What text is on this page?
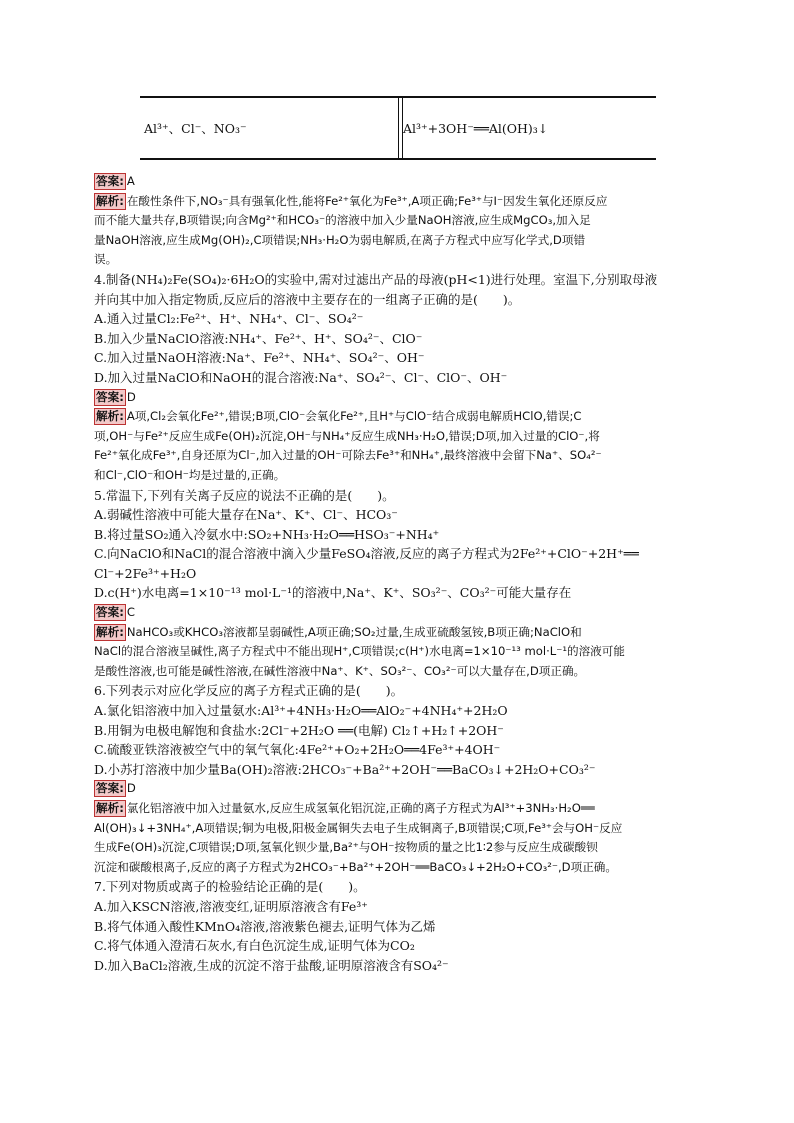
Al³⁺、Cl⁻、NO₃⁻	Al³⁺+3OH⁻══Al(OH)₃↓
答案: A
解析: 在酸性条件下,NO₃⁻具有强氧化性,能将Fe²⁺氧化为Fe³⁺,A项正确;Fe³⁺与I⁻因发生氧化还原反应
而不能大量共存,B项错误;向含Mg²⁺和HCO₃⁻的溶液中加入少量NaOH溶液,应生成MgCO₃,加入足
量NaOH溶液,应生成Mg(OH)₂,C项错误;NH₃·H₂O为弱电解质,在离子方程式中应写化学式,D项错
误。
4.制备(NH₄)₂Fe(SO₄)₂·6H₂O的实验中,需对过滤出产品的母液(pH<1)进行处理。室温下,分别取母液
并向其中加入指定物质,反应后的溶液中主要存在的一组离子正确的是(　　)。
A.通入过量Cl₂:Fe²⁺、H⁺、NH₄⁺、Cl⁻、SO₄²⁻
B.加入少量NaClO溶液:NH₄⁺、Fe²⁺、H⁺、SO₄²⁻、ClO⁻
C.加入过量NaOH溶液:Na⁺、Fe²⁺、NH₄⁺、SO₄²⁻、OH⁻
D.加入过量NaClO和NaOH的混合溶液:Na⁺、SO₄²⁻、Cl⁻、ClO⁻、OH⁻
答案: D
解析: A项,Cl₂会氧化Fe²⁺,错误;B项,ClO⁻会氧化Fe²⁺,且H⁺与ClO⁻结合成弱电解质HClO,错误;C
项,OH⁻与Fe²⁺反应生成Fe(OH)₂沉淀,OH⁻与NH₄⁺反应生成NH₃·H₂O,错误;D项,加入过量的ClO⁻,将
Fe²⁺氧化成Fe³⁺,自身还原为Cl⁻,加入过量的OH⁻可除去Fe³⁺和NH₄⁺,最终溶液中会留下Na⁺、SO₄²⁻
和Cl⁻,ClO⁻和OH⁻均是过量的,正确。
5.常温下,下列有关离子反应的说法不正确的是(　　)。
A.弱碱性溶液中可能大量存在Na⁺、K⁺、Cl⁻、HCO₃⁻
B.将过量SO₂通入冷氨水中:SO₂+NH₃·H₂O══HSO₃⁻+NH₄⁺
C.向NaClO和NaCl的混合溶液中滴入少量FeSO₄溶液,反应的离子方程式为2Fe²⁺+ClO⁻+2H⁺══
Cl⁻+2Fe³⁺+H₂O
D.c(H⁺)水电离=1×10⁻¹³ mol·L⁻¹的溶液中,Na⁺、K⁺、SO₃²⁻、CO₃²⁻可能大量存在
答案: C
解析: NaHCO₃或KHCO₃溶液都呈弱碱性,A项正确;SO₂过量,生成亚硫酸氢铵,B项正确;NaClO和
NaCl的混合溶液呈碱性,离子方程式中不能出现H⁺,C项错误;c(H⁺)水电离=1×10⁻¹³ mol·L⁻¹的溶液可能
是酸性溶液,也可能是碱性溶液,在碱性溶液中Na⁺、K⁺、SO₃²⁻、CO₃²⁻可以大量存在,D项正确。
6.下列表示对应化学反应的离子方程式正确的是(　　)。
A.氯化铝溶液中加入过量氨水:Al³⁺+4NH₃·H₂O══AlO₂⁻+4NH₄⁺+2H₂O
B.用铜为电极电解饱和食盐水:2Cl⁻+2H₂O ══(电解) Cl₂↑+H₂↑+2OH⁻
C.硫酸亚铁溶液被空气中的氧气氧化:4Fe²⁺+O₂+2H₂O══4Fe³⁺+4OH⁻
D.小苏打溶液中加少量Ba(OH)₂溶液:2HCO₃⁻+Ba²⁺+2OH⁻══BaCO₃↓+2H₂O+CO₃²⁻
答案: D
解析: 氯化铝溶液中加入过量氨水,反应生成氢氧化铝沉淀,正确的离子方程式为Al³⁺+3NH₃·H₂O══
Al(OH)₃↓+3NH₄⁺,A项错误;铜为电极,阳极金属铜失去电子生成铜离子,B项错误;C项,Fe³⁺会与OH⁻反应
生成Fe(OH)₃沉淀,C项错误;D项,氢氧化钡少量,Ba²⁺与OH⁻按物质的量之比1∶2参与反应生成碳酸钡
沉淀和碳酸根离子,反应的离子方程式为2HCO₃⁻+Ba²⁺+2OH⁻══BaCO₃↓+2H₂O+CO₃²⁻,D项正确。
7.下列对物质或离子的检验结论正确的是(　　)。
A.加入KSCN溶液,溶液变红,证明原溶液含有Fe³⁺
B.将气体通入酸性KMnO₄溶液,溶液紫色褪去,证明气体为乙烯
C.将气体通入澄清石灰水,有白色沉淀生成,证明气体为CO₂
D.加入BaCl₂溶液,生成的沉淀不溶于盐酸,证明原溶液含有SO₄²⁻
